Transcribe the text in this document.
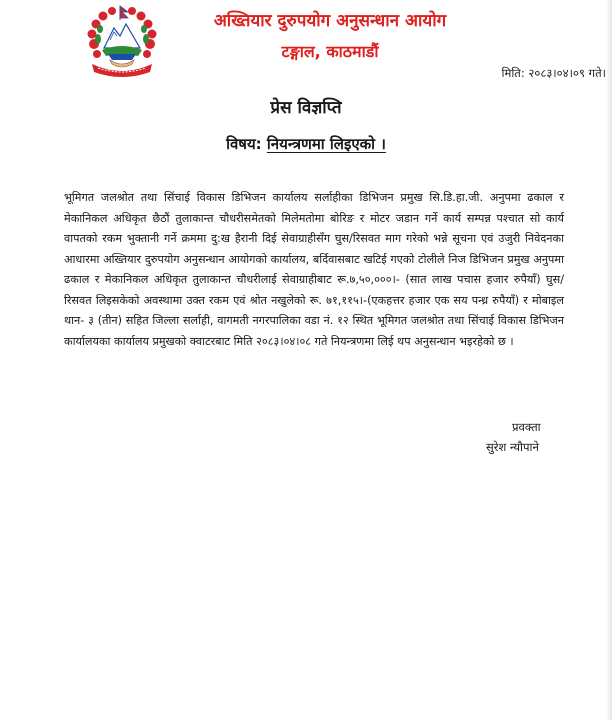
अख्तियार दुरुपयोग अनुसन्धान आयोग
टङ्गाल, काठमाडौं
मिति: २०८३।०४।०९ गते।
प्रेस विज्ञप्ति
विषय: नियन्त्रणमा लिइएको ।
भूमिगत जलश्रोत तथा सिंचाई विकास डिभिजन कार्यालय सर्लाहीका डिभिजन प्रमुख सि.डि.हा.जी. अनुपमा ढकाल र मेकानिकल अधिकृत छैठौं तुलाकान्त चौधरीसमेतको मिलेमतोमा बोरिङ र मोटर जडान गर्ने कार्य सम्पन्न पश्चात सो कार्य वापतको रकम भुक्तानी गर्ने क्रममा दु:ख हैरानी दिई सेवाग्राहीसँग घुस/रिसवत माग गरेको भन्ने सूचना एवं उजुरी निवेदनका आधारमा अख्तियार दुरुपयोग अनुसन्धान आयोगको कार्यालय, बर्दिवासबाट खटिई गएको टोलीले निज डिभिजन प्रमुख अनुपमा ढकाल र मेकानिकल अधिकृत तुलाकान्त चौधरीलाई सेवाग्राहीबाट रू.७,५०,०००।- (सात लाख पचास हजार रुपैयाँ) घुस/रिसवत लिइसकेको अवस्थामा उक्त रकम एवं श्रोत नखुलेको रू. ७१,११५।-(एकहत्तर हजार एक सय पन्ध्र रुपैयाँ) र मोबाइल थान- ३ (तीन) सहित जिल्ला सर्लाही, वागमती नगरपालिका वडा नं. १२ स्थित भूमिगत जलश्रोत तथा सिंचाई विकास डिभिजन कार्यालयका कार्यालय प्रमुखको क्वाटरबाट मिति २०८३।०४।०८ गते नियन्त्रणमा लिई थप अनुसन्धान भइरहेको छ ।
प्रवक्ता
सुरेश न्यौपाने
